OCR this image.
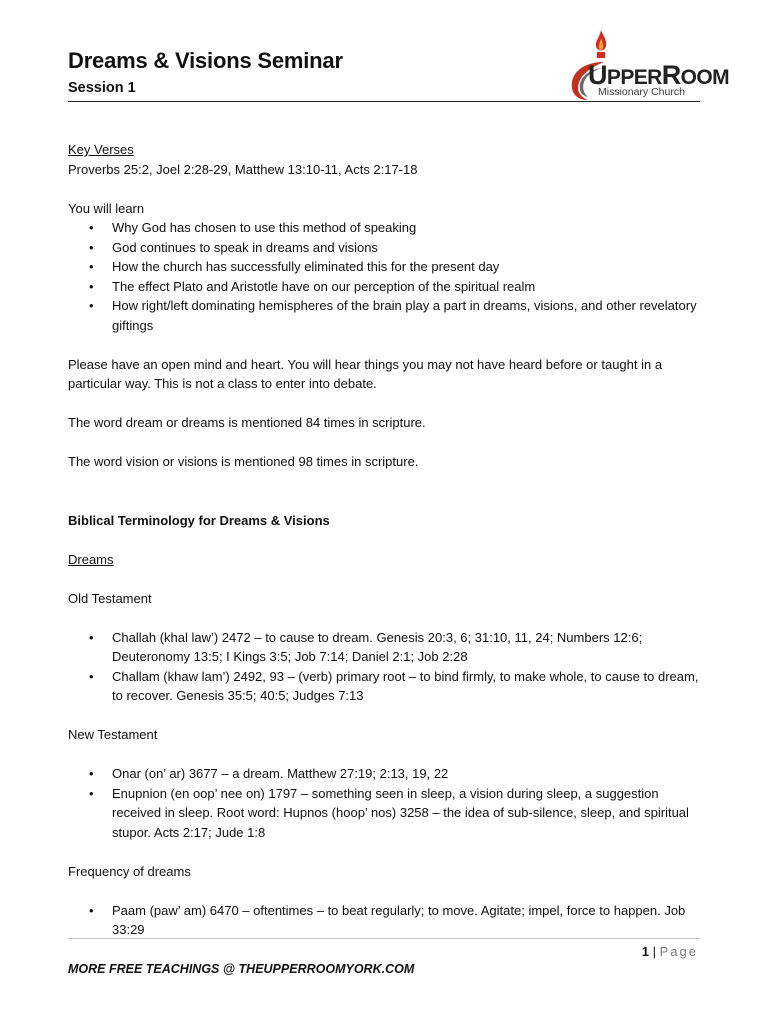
Dreams & Visions Seminar
Session 1	UPPERROOM
Missionary Church

Key Verses

Proverbs 25:2, Joel 2:28-29, Matthew 13:10-11, Acts 2:17-18

You will learn

• Why God has chosen to use this method of speaking
• God continues to speak in dreams and visions
• How the church has successfully eliminated this for the present day
• The effect Plato and Aristotle have on our perception of the spiritual realm
• How right/left dominating hemispheres of the brain play a part in dreams, visions, and other revelatory giftings

Please have an open mind and heart. You will hear things you may not have heard before or taught in a particular way. This is not a class to enter into debate.

The word dream or dreams is mentioned 84 times in scripture.

The word vision or visions is mentioned 98 times in scripture.

Biblical Terminology for Dreams & Visions

Dreams

Old Testament

• Challah (khal law’) 2472 – to cause to dream. Genesis 20:3, 6; 31:10, 11, 24; Numbers 12:6; Deuteronomy 13:5; I Kings 3:5; Job 7:14; Daniel 2:1; Job 2:28
• Challam (khaw lam’) 2492, 93 – (verb) primary root – to bind firmly, to make whole, to cause to dream, to recover. Genesis 35:5; 40:5; Judges 7:13

New Testament

• Onar (on’ ar) 3677 – a dream. Matthew 27:19; 2:13, 19, 22
• Enupnion (en oop’ nee on) 1797 – something seen in sleep, a vision during sleep, a suggestion received in sleep. Root word: Hupnos (hoop’ nos) 3258 – the idea of sub-silence, sleep, and spiritual stupor. Acts 2:17; Jude 1:8

Frequency of dreams

• Paam (paw’ am) 6470 – oftentimes – to beat regularly; to move. Agitate; impel, force to happen. Job 33:29
1 | Page
MORE FREE TEACHINGS @ THEUPPERROOMYORK.COM
